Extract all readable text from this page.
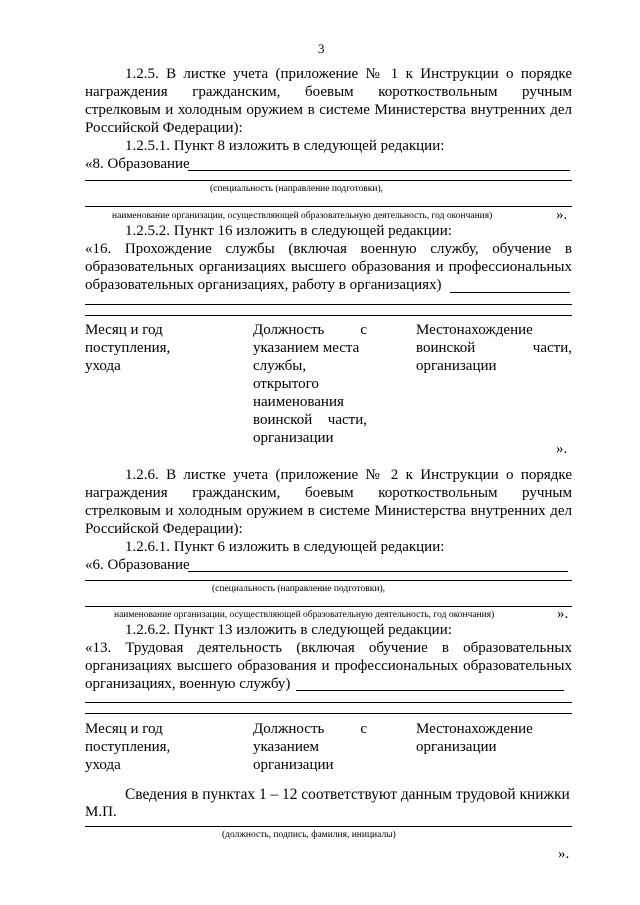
3
1.2.5. В листке учета (приложение № 1 к Инструкции о порядке
награждения гражданским, боевым короткоствольным ручным
стрелковым и холодным оружием в системе Министерства внутренних дел
Российской Федерации):
1.2.5.1. Пункт 8 изложить в следующей редакции:
«8. Образование
(специальность (направление подготовки),
наименование организации, осуществляющей образовательную деятельность, год окончания)	».
1.2.5.2. Пункт 16 изложить в следующей редакции:
«16. Прохождение службы (включая военную службу, обучение в
образовательных организациях высшего образования и профессиональных
образовательных организациях, работу в организациях)
Месяц и год
поступления,
ухода
Должность с
указанием места
службы,
открытого
наименования
воинской части,
организации
Местонахождение
воинской части,
организации
».
1.2.6. В листке учета (приложение № 2 к Инструкции о порядке
награждения гражданским, боевым короткоствольным ручным
стрелковым и холодным оружием в системе Министерства внутренних дел
Российской Федерации):
1.2.6.1. Пункт 6 изложить в следующей редакции:
«6. Образование
(специальность (направление подготовки),
наименование организации, осуществляющей образовательную деятельность, год окончания)	».
1.2.6.2. Пункт 13 изложить в следующей редакции:
«13. Трудовая деятельность (включая обучение в образовательных
организациях высшего образования и профессиональных образовательных
организациях, военную службу)
Месяц и год
поступления,
ухода
Должность с
указанием
организации
Местонахождение
организации
Сведения в пунктах 1 – 12 соответствуют данным трудовой книжки
М.П.
(должность, подпись, фамилия, инициалы)
».
